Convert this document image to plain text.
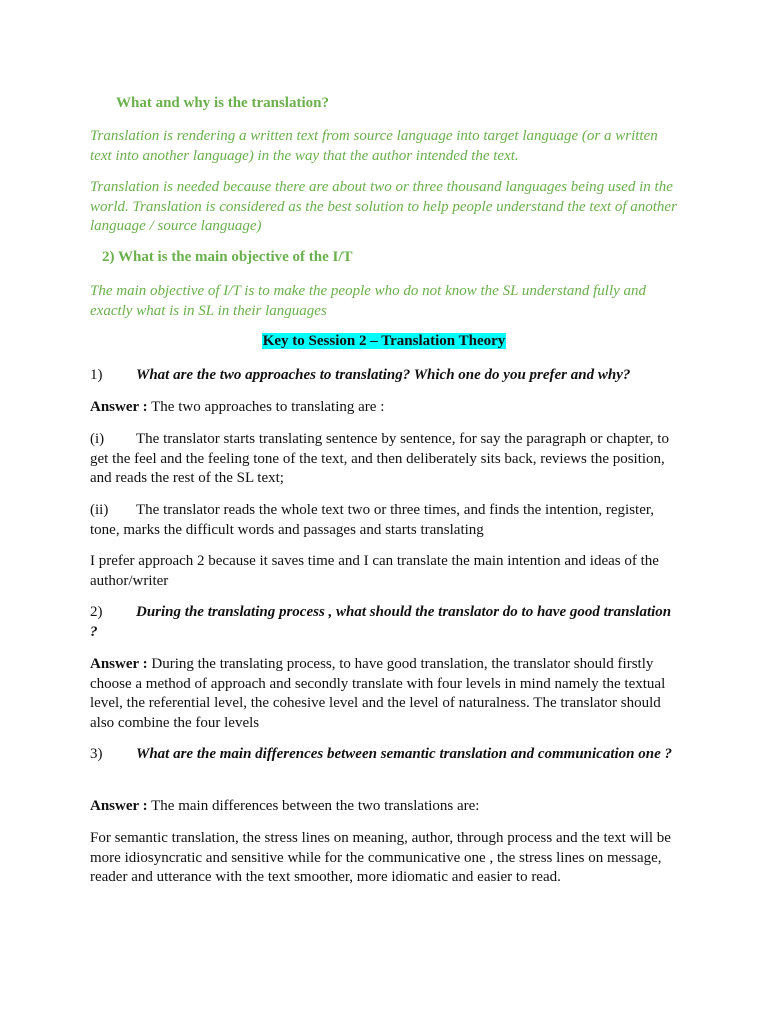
What and why is the translation?

Translation is rendering a written text from source language into target language (or a written text into another language) in the way that the author intended the text.

Translation is needed because there are about two or three thousand languages being used in the world. Translation is considered as the best solution to help people understand the text of another language / source language)

2) What is the main objective of the I/T

The main objective of I/T is to make the people who do not know the SL understand fully and exactly what is in SL in their languages

Key to Session 2 – Translation Theory

1) What are the two approaches to translating? Which one do you prefer and why?

Answer : The two approaches to translating are :

(i) The translator starts translating sentence by sentence, for say the paragraph or chapter, to get the feel and the feeling tone of the text, and then deliberately sits back, reviews the position, and reads the rest of the SL text;

(ii) The translator reads the whole text two or three times, and finds the intention, register, tone, marks the difficult words and passages and starts translating

I prefer approach 2 because it saves time and I can translate the main intention and ideas of the author/writer

2) During the translating process , what should the translator do to have good translation ?

Answer : During the translating process, to have good translation, the translator should firstly choose a method of approach and secondly translate with four levels in mind namely the textual level, the referential level, the cohesive level and the level of naturalness. The translator should also combine the four levels

3) What are the main differences between semantic translation and communication one ?

Answer : The main differences between the two translations are:

For semantic translation, the stress lines on meaning, author, through process and the text will be more idiosyncratic and sensitive while for the communicative one , the stress lines on message, reader and utterance with the text smoother, more idiomatic and easier to read.
